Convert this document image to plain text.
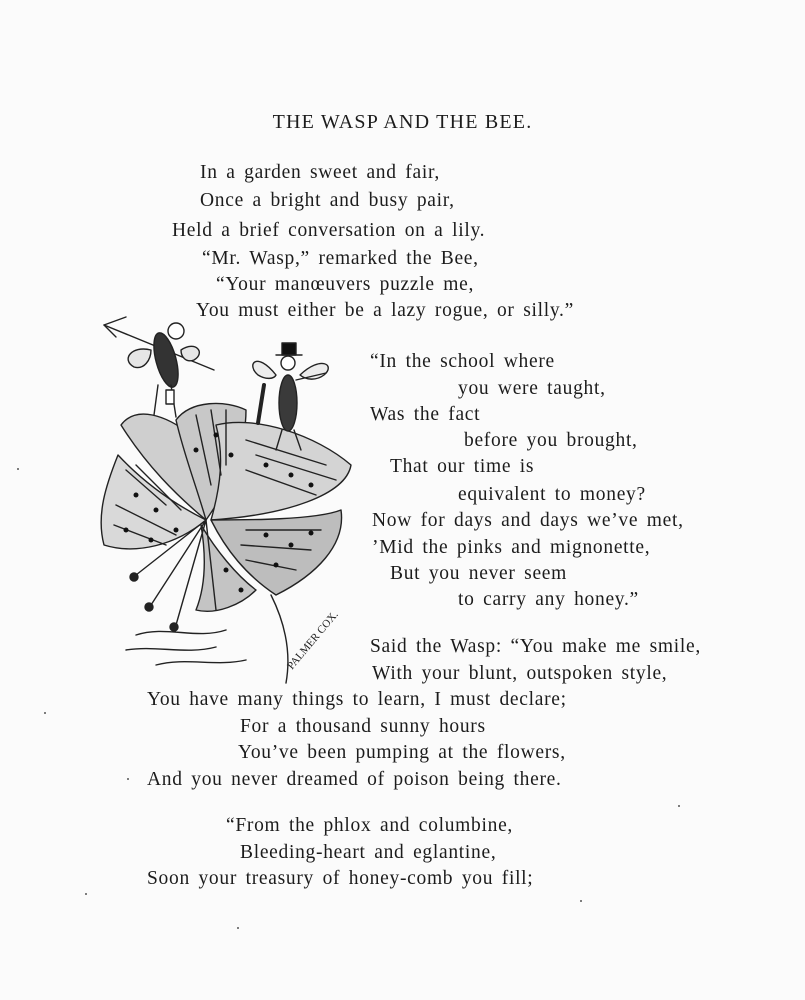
THE WASP AND THE BEE.
In a garden sweet and fair,
Once a bright and busy pair,
Held a brief conversation on a lily.
“Mr. Wasp,” remarked the Bee,
“Your manœuvers puzzle me,
You must either be a lazy rogue, or silly.”
“In the school where
you were taught,
Was the fact
before you brought,
That our time is
equivalent to money?
Now for days and days we’ve met,
’Mid the pinks and mignonette,
But you never seem
to carry any honey.”
Said the Wasp: “You make me smile,
With your blunt, outspoken style,
You have many things to learn, I must declare;
For a thousand sunny hours
You’ve been pumping at the flowers,
And you never dreamed of poison being there.
“From the phlox and columbine,
Bleeding-heart and eglantine,
Soon your treasury of honey-comb you fill;
PALMER COX.
